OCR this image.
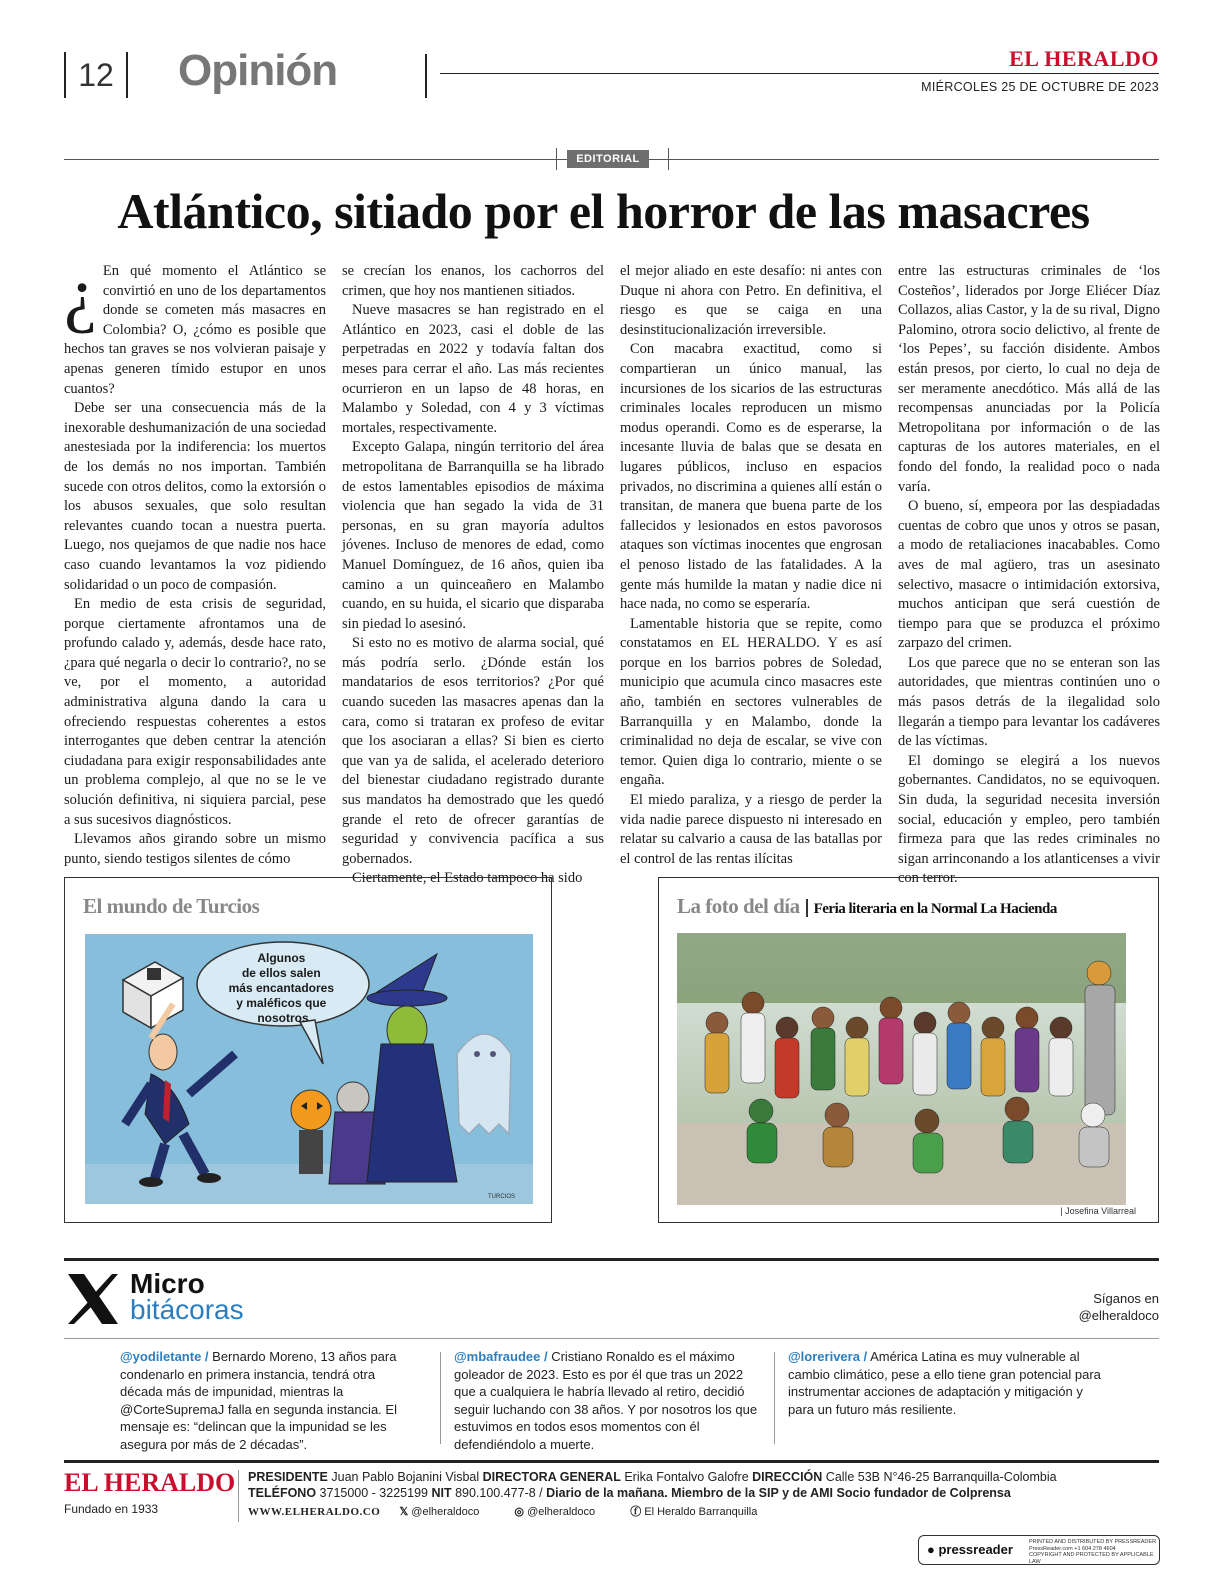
12	Opinión	EL HERALDO
MIÉRCOLES 25 DE OCTUBRE DE 2023
EDITORIAL
Atlántico, sitiado por el horror de las masacres

¿ En qué momento el Atlántico se convirtió en uno de los departamentos donde se cometen más masacres en Colombia? O, ¿cómo es posible que hechos tan graves se nos volvieran paisaje y apenas generen tímido estupor en unos cuantos?

Debe ser una consecuencia más de la inexorable deshumanización de una sociedad anestesiada por la indiferencia: los muertos de los demás no nos importan. También sucede con otros delitos, como la extorsión o los abusos sexuales, que solo resultan relevantes cuando tocan a nuestra puerta. Luego, nos quejamos de que nadie nos hace caso cuando levantamos la voz pidiendo solidaridad o un poco de compasión.

En medio de esta crisis de seguridad, porque ciertamente afrontamos una de profundo calado y, además, desde hace rato, ¿para qué negarla o decir lo contrario?, no se ve, por el momento, a autoridad administrativa alguna dando la cara u ofreciendo respuestas coherentes a estos interrogantes que deben centrar la atención ciudadana para exigir responsabilidades ante un problema complejo, al que no se le ve solución definitiva, ni siquiera parcial, pese a sus sucesivos diagnósticos.

Llevamos años girando sobre un mismo punto, siendo testigos silentes de cómo

se crecían los enanos, los cachorros del crimen, que hoy nos mantienen sitiados.

Nueve masacres se han registrado en el Atlántico en 2023, casi el doble de las perpetradas en 2022 y todavía faltan dos meses para cerrar el año. Las más recientes ocurrieron en un lapso de 48 horas, en Malambo y Soledad, con 4 y 3 víctimas mortales, respectivamente.

Excepto Galapa, ningún territorio del área metropolitana de Barranquilla se ha librado de estos lamentables episodios de máxima violencia que han segado la vida de 31 personas, en su gran mayoría adultos jóvenes. Incluso de menores de edad, como Manuel Domínguez, de 16 años, quien iba camino a un quinceañero en Malambo cuando, en su huida, el sicario que disparaba sin piedad lo asesinó.

Si esto no es motivo de alarma social, qué más podría serlo. ¿Dónde están los mandatarios de esos territorios? ¿Por qué cuando suceden las masacres apenas dan la cara, como si trataran ex profeso de evitar que los asociaran a ellas? Si bien es cierto que van ya de salida, el acelerado deterioro del bienestar ciudadano registrado durante sus mandatos ha demostrado que les quedó grande el reto de ofrecer garantías de seguridad y convivencia pacífica a sus gobernados.

Ciertamente, el Estado tampoco ha sido

el mejor aliado en este desafío: ni antes con Duque ni ahora con Petro. En definitiva, el riesgo es que se caiga en una desinstitucionalización irreversible.

Con macabra exactitud, como si compartieran un único manual, las incursiones de los sicarios de las estructuras criminales locales reproducen un mismo modus operandi. Como es de esperarse, la incesante lluvia de balas que se desata en lugares públicos, incluso en espacios privados, no discrimina a quienes allí están o transitan, de manera que buena parte de los fallecidos y lesionados en estos pavorosos ataques son víctimas inocentes que engrosan el penoso listado de las fatalidades. A la gente más humilde la matan y nadie dice ni hace nada, no como se esperaría.

Lamentable historia que se repite, como constatamos en EL HERALDO. Y es así porque en los barrios pobres de Soledad, municipio que acumula cinco masacres este año, también en sectores vulnerables de Barranquilla y en Malambo, donde la criminalidad no deja de escalar, se vive con temor. Quien diga lo contrario, miente o se engaña.

El miedo paraliza, y a riesgo de perder la vida nadie parece dispuesto ni interesado en relatar su calvario a causa de las batallas por el control de las rentas ilícitas

entre las estructuras criminales de ‘los Costeños’, liderados por Jorge Eliécer Díaz Collazos, alias Castor, y la de su rival, Digno Palomino, otrora socio delictivo, al frente de ‘los Pepes’, su facción disidente. Ambos están presos, por cierto, lo cual no deja de ser meramente anecdótico. Más allá de las recompensas anunciadas por la Policía Metropolitana por información o de las capturas de los autores materiales, en el fondo del fondo, la realidad poco o nada varía.

O bueno, sí, empeora por las despiadadas cuentas de cobro que unos y otros se pasan, a modo de retaliaciones inacabables. Como aves de mal agüero, tras un asesinato selectivo, masacre o intimidación extorsiva, muchos anticipan que será cuestión de tiempo para que se produzca el próximo zarpazo del crimen.

Los que parece que no se enteran son las autoridades, que mientras continúen uno o más pasos detrás de la ilegalidad solo llegarán a tiempo para levantar los cadáveres de las víctimas.

El domingo se elegirá a los nuevos gobernantes. Candidatos, no se equivoquen. Sin duda, la seguridad necesita inversión social, educación y empleo, pero también firmeza para que las redes criminales no sigan arrinconando a los atlanticenses a vivir con terror.

El mundo de Turcios
Algunos de ellos salen más encantadores y maléficos que nosotros
TURCIOS
La foto del día Feria literaria en la Normal La Hacienda
| Josefina Villarreal
Micro
bitácoras	Síganos en
@elheraldoco
@yodiletante / Bernardo Moreno, 13 años para condenarlo en primera instancia, tendrá otra década más de impunidad, mientras la @CorteSupremaJ falla en segunda instancia. El mensaje es: “delincan que la impunidad se les asegura por más de 2 décadas”.
@mbafraudee / Cristiano Ronaldo es el máximo goleador de 2023. Esto es por él que tras un 2022 que a cualquiera le habría llevado al retiro, decidió seguir luchando con 38 años. Y por nosotros los que estuvimos en todos esos momentos con él defendiéndolo a muerte.
@lorerivera / América Latina es muy vulnerable al cambio climático, pese a ello tiene gran potencial para instrumentar acciones de adaptación y mitigación y para un futuro más resiliente.
EL HERALDO
Fundado en 1933
PRESIDENTE Juan Pablo Bojanini Visbal DIRECTORA GENERAL Erika Fontalvo Galofre DIRECCIÓN Calle 53B N°46-25 Barranquilla-Colombia
TELÉFONO 3715000 - 3225199 NIT 890.100.477-8 / Diario de la mañana. Miembro de la SIP y de AMI Socio fundador de Colprensa
WWW.ELHERALDO.CO 𝕏 @elheraldoco	◎ @elheraldoco	ⓕ El Heraldo Barranquilla
● pressreader	PRINTED AND DISTRIBUTED BY PRESSREADER
PressReader.com +1 604 278 4604
COPYRIGHT AND PROTECTED BY APPLICABLE LAW
